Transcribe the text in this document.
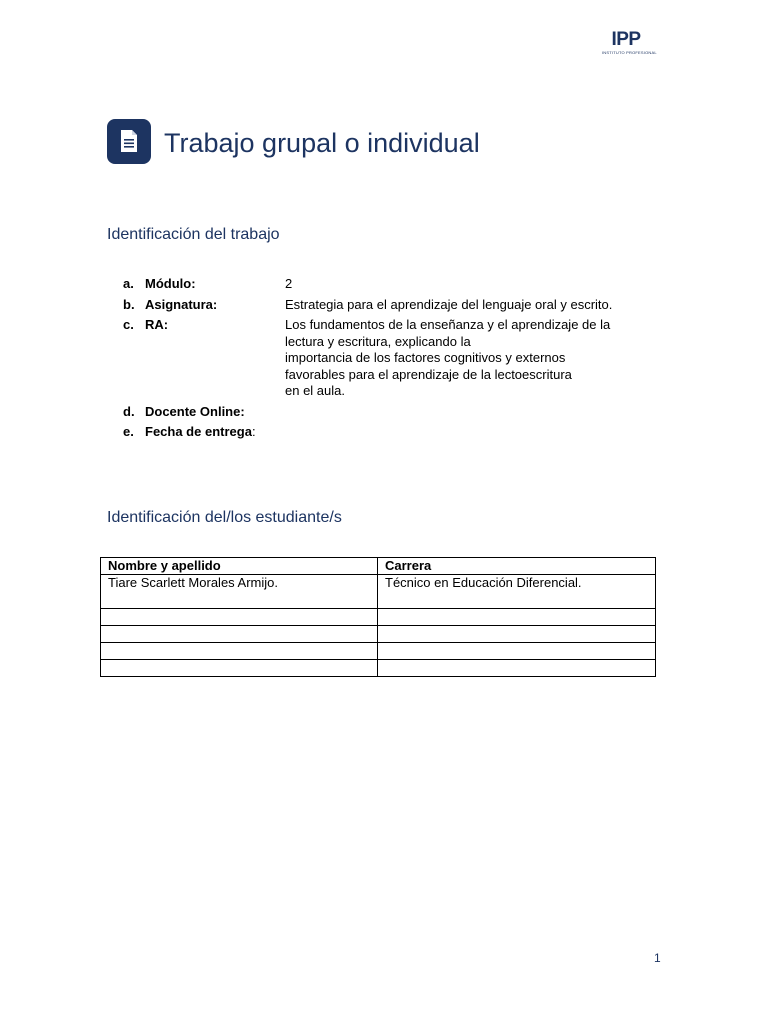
IPP
INSTITUTO PROFESIONAL
Trabajo grupal o individual
Identificación del trabajo
a. Módulo:	2
b. Asignatura:	Estrategia para el aprendizaje del lenguaje oral y escrito.
c. RA:	Los fundamentos de la enseñanza y el aprendizaje de la
lectura y escritura, explicando la
importancia de los factores cognitivos y externos
favorables para el aprendizaje de la lectoescritura
en el aula.
d. Docente Online:
e. Fecha de entrega:
Identificación del/los estudiante/s
Nombre y apellido	Carrera
Tiare Scarlett Morales Armijo.	Técnico en Educación Diferencial.

1
